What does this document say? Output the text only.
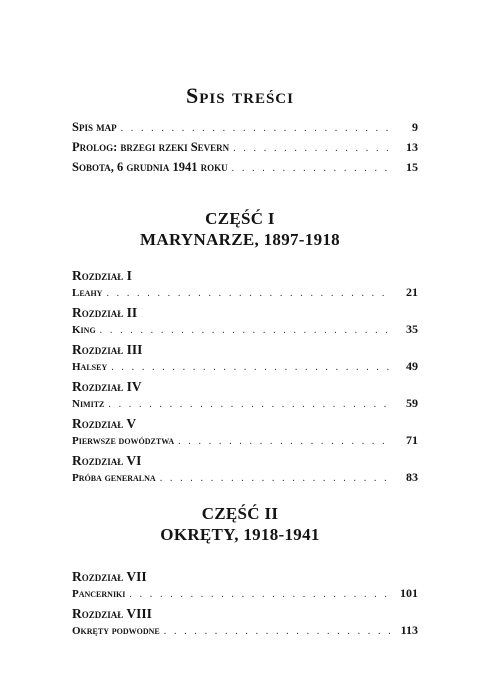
Spis treści
Spis map . . .	9
Prolog: brzegi rzeki Severn . . .	13
Sobota, 6 grudnia 1941 roku . . .	15
CZĘŚĆ I
MARYNARZE, 1897-1918
Rozdział I
Leahy . . .	21
Rozdział II
King . . .	35
Rozdział III
Halsey . . .	49
Rozdział IV
Nimitz . . .	59
Rozdział V
Pierwsze dowództwa . . .	71
Rozdział VI
Próba generalna . . .	83
CZĘŚĆ II
OKRĘTY, 1918-1941
Rozdział VII
Pancerniki . . .	101
Rozdział VIII
Okręty podwodne . . .	113
